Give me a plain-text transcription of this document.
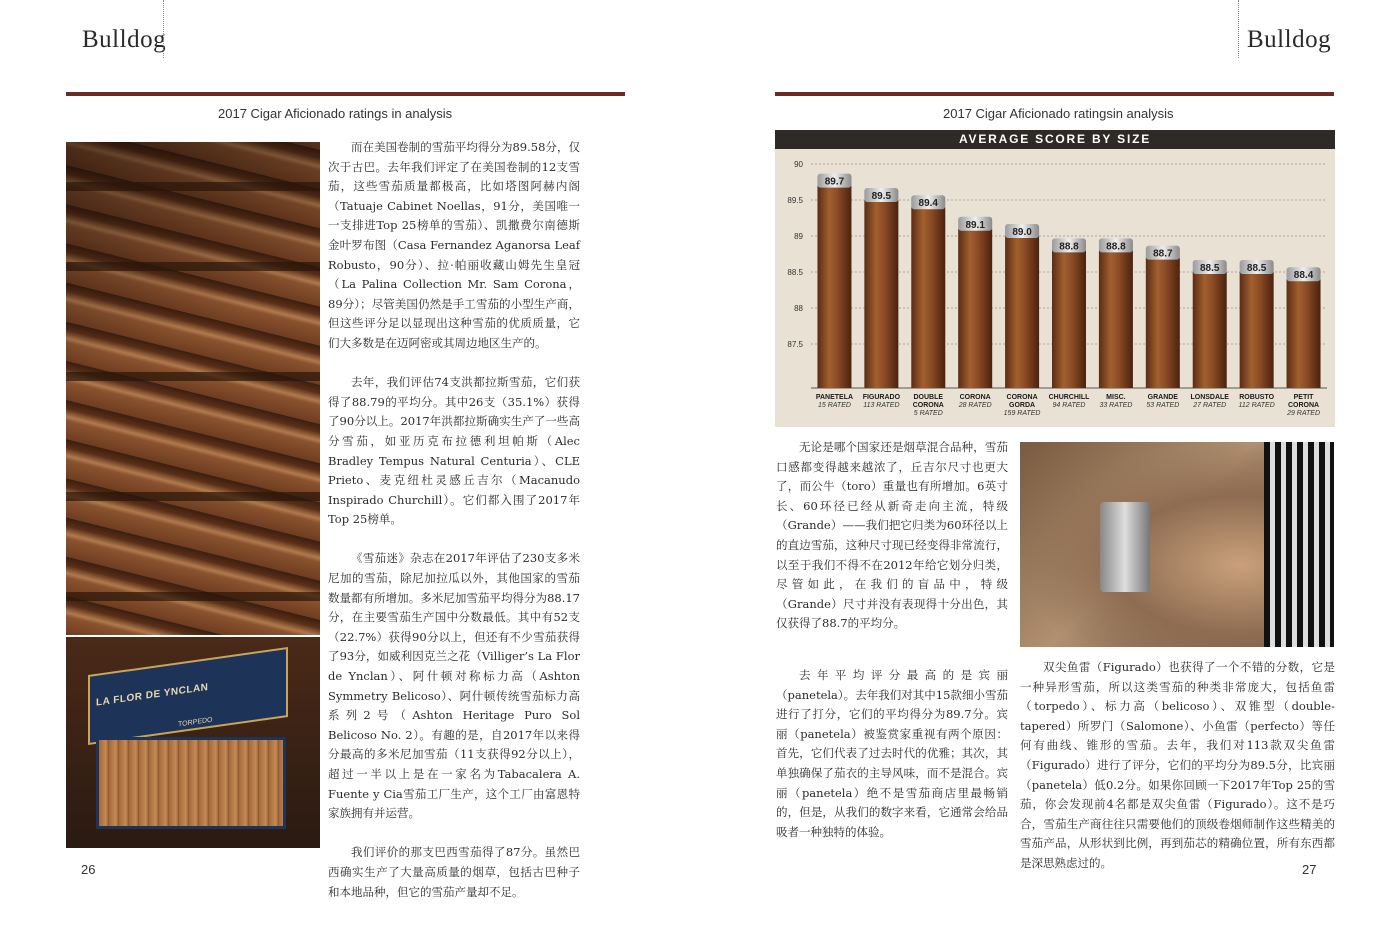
Bulldog	Bulldog
2017 Cigar Aficionado ratings in analysis	2017 Cigar Aficionado ratingsin analysis
LA FLOR DE YNCLAN
TORPEDO

而在美国卷制的雪茄平均得分为89.58分，仅次于古巴。去年我们评定了在美国卷制的12支雪茄，这些雪茄质量都极高，比如塔图阿赫内阁（Tatuaje Cabinet Noellas，91分，美国唯一一支排进Top 25榜单的雪茄）、凯撒费尔南德斯金叶罗布图（Casa Fernandez Aganorsa Leaf Robusto，90分）、拉·帕丽收藏山姆先生皇冠（La Palina Collection Mr. Sam Corona，89分）；尽管美国仍然是手工雪茄的小型生产商，但这些评分足以显现出这种雪茄的优质质量，它们大多数是在迈阿密或其周边地区生产的。

去年，我们评估74支洪都拉斯雪茄，它们获得了88.79的平均分。其中26支（35.1%）获得了90分以上。2017年洪都拉斯确实生产了一些高分雪茄，如亚历克布拉德利坦帕斯（Alec Bradley Tempus Natural Centuria）、CLE Prieto、麦克纽杜灵感丘吉尔（Macanudo Inspirado Churchill）。它们都入围了2017年Top 25榜单。

《雪茄迷》杂志在2017年评估了230支多米尼加的雪茄，除尼加拉瓜以外，其他国家的雪茄数量都有所增加。多米尼加雪茄平均得分为88.17分，在主要雪茄生产国中分数最低。其中有52支（22.7%）获得90分以上，但还有不少雪茄获得了93分，如威利因克兰之花（Villiger’s La Flor de Ynclan）、阿什顿对称标力高（Ashton Symmetry Belicoso）、阿什顿传统雪茄标力高系列2号（Ashton Heritage Puro Sol Belicoso No. 2）。有趣的是，自2017年以来得分最高的多米尼加雪茄（11支获得92分以上），超过一半以上是在一家名为Tabacalera A. Fuente y Cia雪茄工厂生产，这个工厂由富恩特家族拥有并运营。

我们评价的那支巴西雪茄得了87分。虽然巴西确实生产了大量高质量的烟草，包括古巴种子和本地品种，但它的雪茄产量却不足。

AVERAGE SCORE BY SIZE
90
89.5
89
88.5
88
87.5
89.7
PANETELA
15 RATED
89.5
FIGURADO
113 RATED
89.4
DOUBLE
CORONA
5 RATED
89.1
CORONA
28 RATED
89.0
CORONA
GORDA
159 RATED
88.8
CHURCHILL
94 RATED
88.8
MISC.
33 RATED
88.7
GRANDE
53 RATED
88.5
LONSDALE
27 RATED
88.5
ROBUSTO
112 RATED
88.4
PETIT
CORONA
29 RATED

无论是哪个国家还是烟草混合品种，雪茄口感都变得越来越浓了，丘吉尔尺寸也更大了，而公牛（toro）重量也有所增加。6英寸长、60环径已经从新奇走向主流，特级（Grande）——我们把它归类为60环径以上的直边雪茄，这种尺寸现已经变得非常流行，以至于我们不得不在2012年给它划分归类，尽管如此，在我们的盲品中，特级（Grande）尺寸并没有表现得十分出色，其仅获得了88.7的平均分。

去年平均评分最高的是宾丽（panetela）。去年我们对其中15款细小雪茄进行了打分，它们的平均得分为89.7分。宾丽（panetela）被鉴赏家重视有两个原因：首先，它们代表了过去时代的优雅；其次，其单独确保了茄衣的主导风味，而不是混合。宾丽（panetela）绝不是雪茄商店里最畅销的，但是，从我们的数字来看，它通常会给品吸者一种独特的体验。

双尖鱼雷（Figurado）也获得了一个不错的分数，它是一种异形雪茄，所以这类雪茄的种类非常庞大，包括鱼雷（torpedo）、标力高（belicoso）、双锥型（double-tapered）所罗门（Salomone）、小鱼雷（perfecto）等任何有曲线、锥形的雪茄。去年，我们对113款双尖鱼雷（Figurado）进行了评分，它们的平均分为89.5分，比宾丽（panetela）低0.2分。如果你回顾一下2017年Top 25的雪茄，你会发现前4名都是双尖鱼雷（Figurado）。这不是巧合，雪茄生产商往往只需要他们的顶级卷烟师制作这些精美的雪茄产品，从形状到比例，再到茄芯的精确位置，所有东西都是深思熟虑过的。

26	27
